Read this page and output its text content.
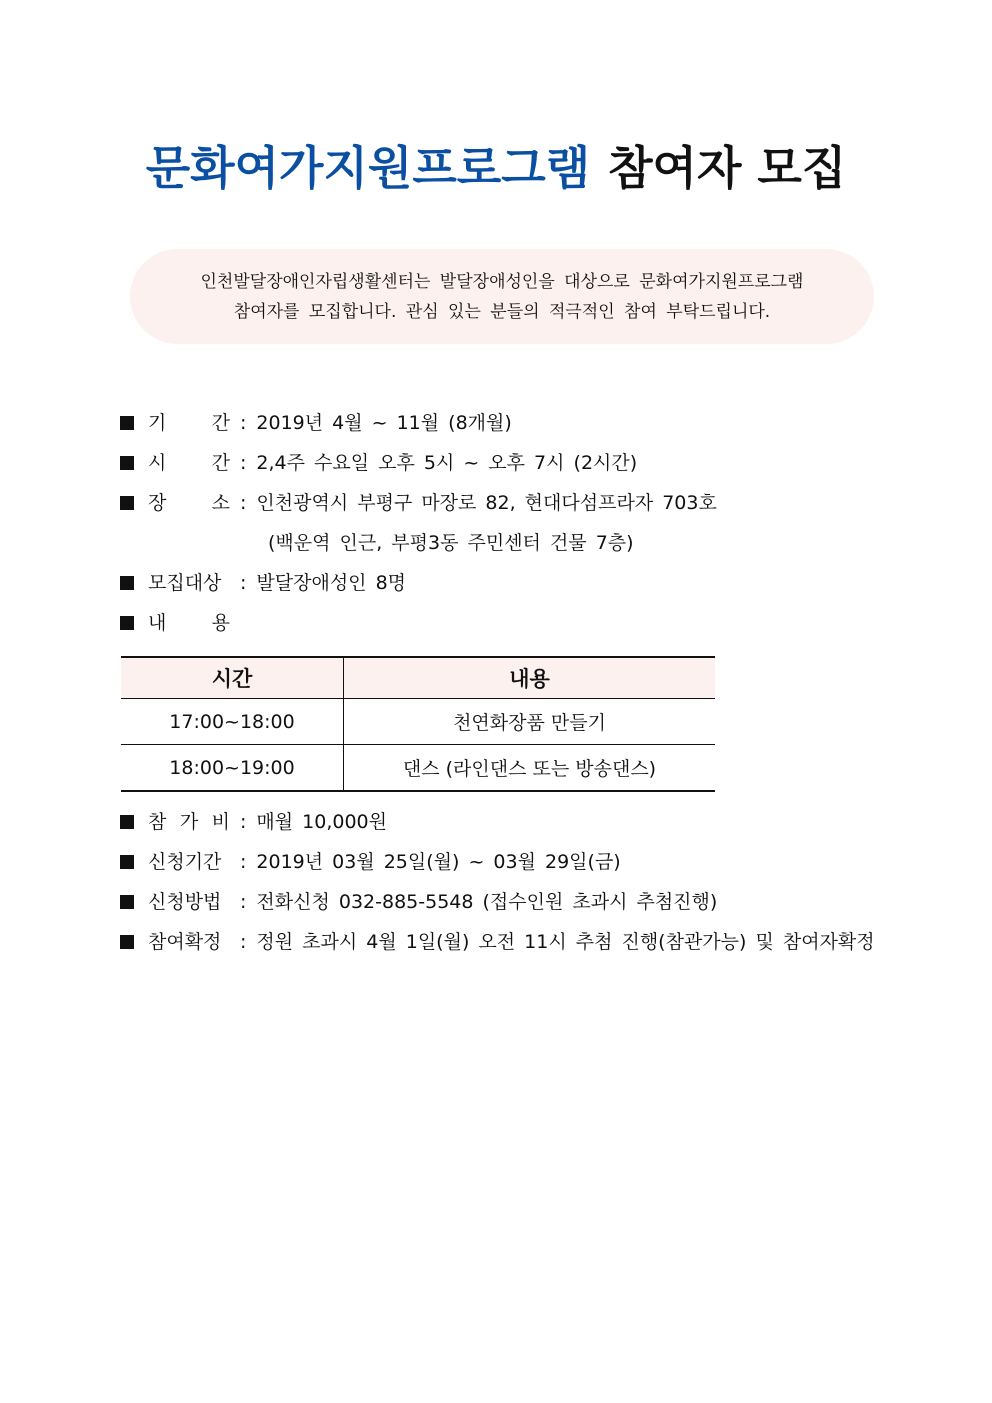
문화여가지원프로그램 참여자 모집

인천발달장애인자립생활센터는 발달장애성인을 대상으로 문화여가지원프로그램

참여자를 모집합니다. 관심 있는 분들의 적극적인 참여 부탁드립니다.

기 간 : 2019년 4월 ~ 11월 (8개월)
시 간 : 2,4주 수요일 오후 5시 ~ 오후 7시 (2시간)
장 소 : 인천광역시 부평구 마장로 82, 현대다섬프라자 703호
(백운역 인근, 부평3동 주민센터 건물 7층)
모집대상 : 발달장애성인 8명
내 용
시간	내용
17:00~18:00	천연화장품 만들기
18:00~19:00	댄스 (라인댄스 또는 방송댄스)
참 가 비 : 매월 10,000원
신청기간 : 2019년 03월 25일(월) ~ 03월 29일(금)
신청방법 : 전화신청 032-885-5548 (접수인원 초과시 추첨진행)
참여확정 : 정원 초과시 4월 1일(월) 오전 11시 추첨 진행(참관가능) 및 참여자확정
